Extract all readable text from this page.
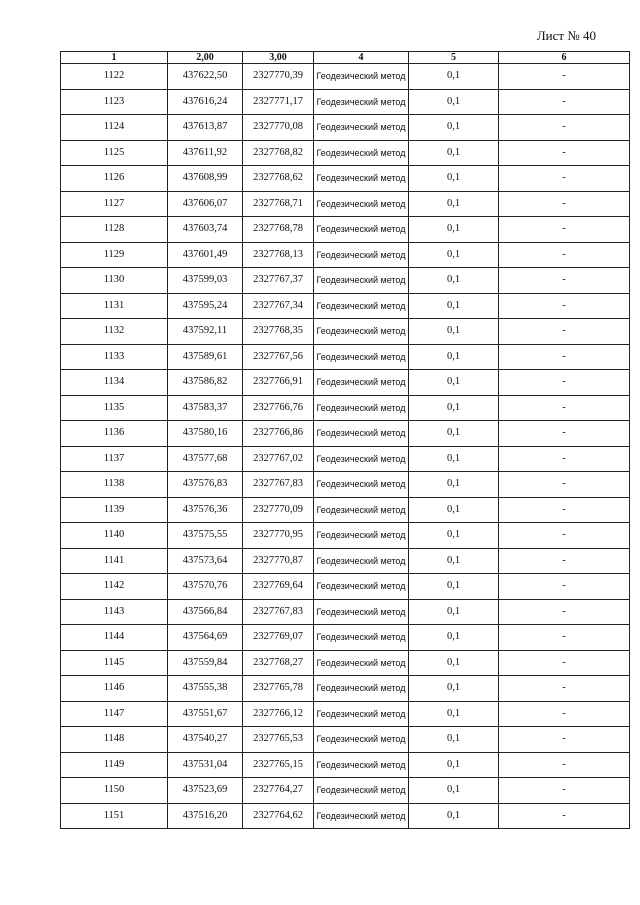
Лист № 40
1	2,00	3,00	4	5	6
1122	437622,50	2327770,39	Геодезический метод	0,1	-
1123	437616,24	2327771,17	Геодезический метод	0,1	-
1124	437613,87	2327770,08	Геодезический метод	0,1	-
1125	437611,92	2327768,82	Геодезический метод	0,1	-
1126	437608,99	2327768,62	Геодезический метод	0,1	-
1127	437606,07	2327768,71	Геодезический метод	0,1	-
1128	437603,74	2327768,78	Геодезический метод	0,1	-
1129	437601,49	2327768,13	Геодезический метод	0,1	-
1130	437599,03	2327767,37	Геодезический метод	0,1	-
1131	437595,24	2327767,34	Геодезический метод	0,1	-
1132	437592,11	2327768,35	Геодезический метод	0,1	-
1133	437589,61	2327767,56	Геодезический метод	0,1	-
1134	437586,82	2327766,91	Геодезический метод	0,1	-
1135	437583,37	2327766,76	Геодезический метод	0,1	-
1136	437580,16	2327766,86	Геодезический метод	0,1	-
1137	437577,68	2327767,02	Геодезический метод	0,1	-
1138	437576,83	2327767,83	Геодезический метод	0,1	-
1139	437576,36	2327770,09	Геодезический метод	0,1	-
1140	437575,55	2327770,95	Геодезический метод	0,1	-
1141	437573,64	2327770,87	Геодезический метод	0,1	-
1142	437570,76	2327769,64	Геодезический метод	0,1	-
1143	437566,84	2327767,83	Геодезический метод	0,1	-
1144	437564,69	2327769,07	Геодезический метод	0,1	-
1145	437559,84	2327768,27	Геодезический метод	0,1	-
1146	437555,38	2327765,78	Геодезический метод	0,1	-
1147	437551,67	2327766,12	Геодезический метод	0,1	-
1148	437540,27	2327765,53	Геодезический метод	0,1	-
1149	437531,04	2327765,15	Геодезический метод	0,1	-
1150	437523,69	2327764,27	Геодезический метод	0,1	-
1151	437516,20	2327764,62	Геодезический метод	0,1	-
